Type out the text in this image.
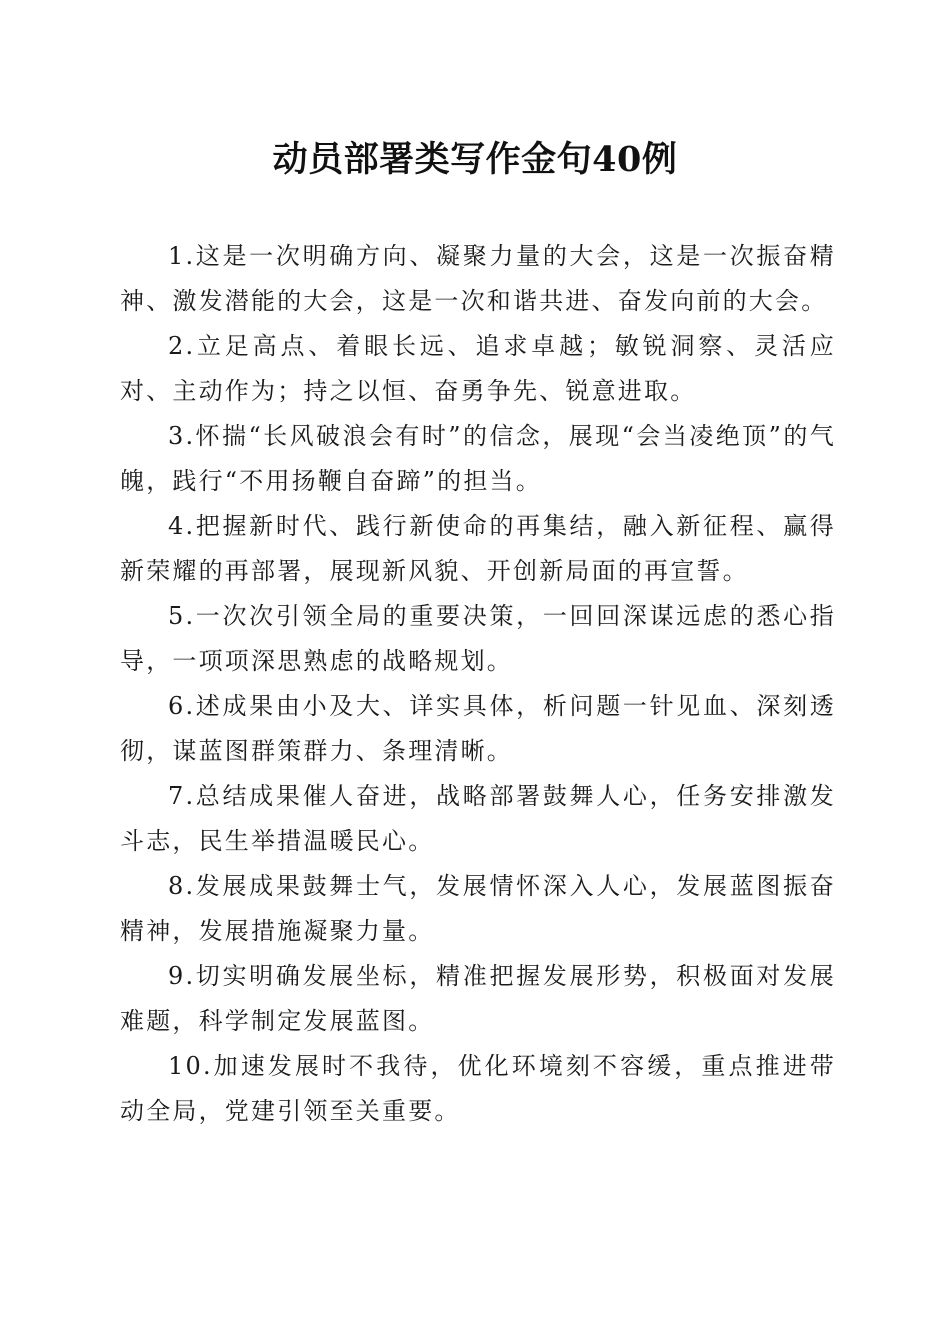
动员部署类写作金句40例

1.这是一次明确方向、凝聚力量的大会，这是一次振奋精神、激发潜能的大会，这是一次和谐共进、奋发向前的大会。

2.立足高点、着眼长远、追求卓越；敏锐洞察、灵活应对、主动作为；持之以恒、奋勇争先、锐意进取。

3.怀揣“长风破浪会有时”的信念，展现“会当凌绝顶”的气魄，践行“不用扬鞭自奋蹄”的担当。

4.把握新时代、践行新使命的再集结，融入新征程、赢得新荣耀的再部署，展现新风貌、开创新局面的再宣誓。

5.一次次引领全局的重要决策，一回回深谋远虑的悉心指导，一项项深思熟虑的战略规划。

6.述成果由小及大、详实具体，析问题一针见血、深刻透彻，谋蓝图群策群力、条理清晰。

7.总结成果催人奋进，战略部署鼓舞人心，任务安排激发斗志，民生举措温暖民心。

8.发展成果鼓舞士气，发展情怀深入人心，发展蓝图振奋精神，发展措施凝聚力量。

9.切实明确发展坐标，精准把握发展形势，积极面对发展难题，科学制定发展蓝图。

10.加速发展时不我待，优化环境刻不容缓，重点推进带动全局，党建引领至关重要。
